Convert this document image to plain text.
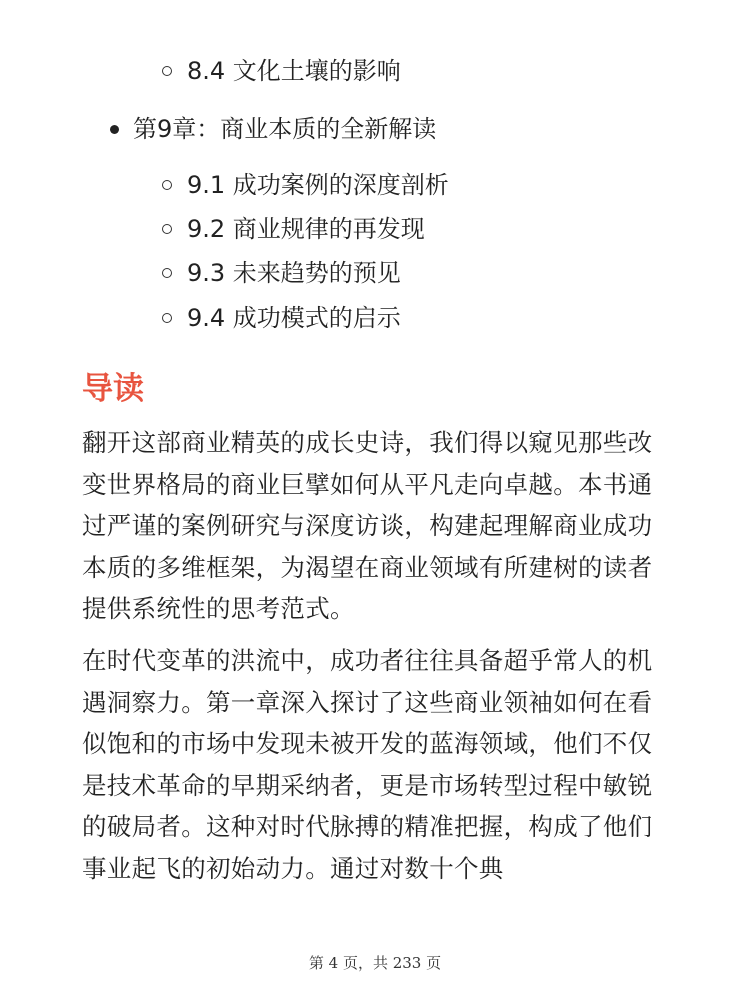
8.4 文化土壤的影响
第9章：商业本质的全新解读
9.1 成功案例的深度剖析
9.2 商业规律的再发现
9.3 未来趋势的预见
9.4 成功模式的启示
导读

翻开这部商业精英的成长史诗，我们得以窥见那些改变世界格局的商业巨擘如何从平凡走向卓越。本书通过严谨的案例研究与深度访谈，构建起理解商业成功本质的多维框架，为渴望在商业领域有所建树的读者提供系统性的思考范式。

在时代变革的洪流中，成功者往往具备超乎常人的机遇洞察力。第一章深入探讨了这些商业领袖如何在看似饱和的市场中发现未被开发的蓝海领域，他们不仅是技术革命的早期采纳者，更是市场转型过程中敏锐的破局者。这种对时代脉搏的精准把握，构成了他们事业起飞的初始动力。通过对数十个典

第 4 页，共 233 页
